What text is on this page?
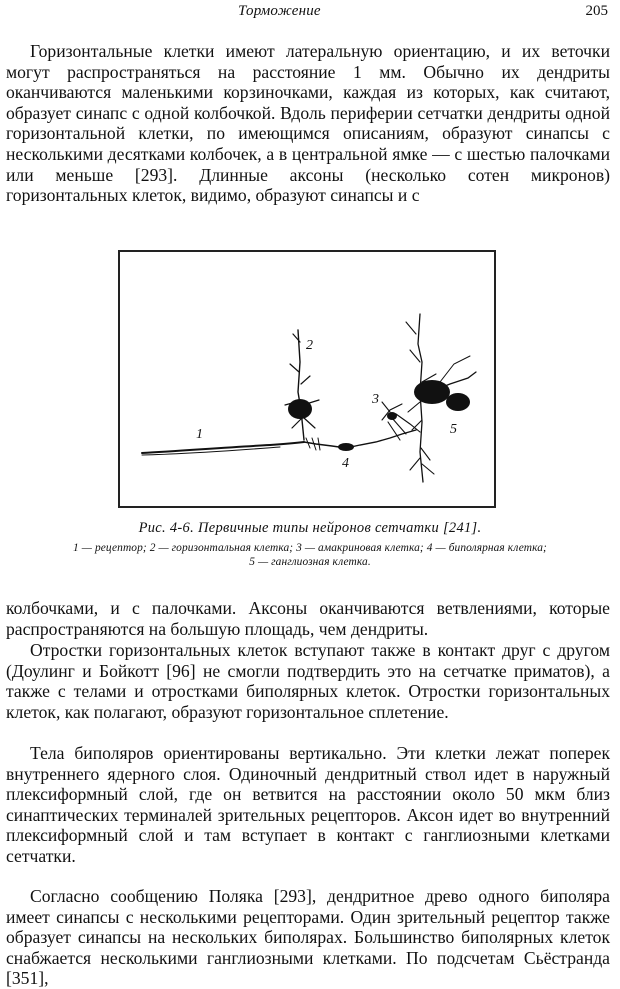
Торможение	205

Горизонтальные клетки имеют латеральную ориентацию, и их веточки могут распространяться на расстояние 1 мм. Обычно их дендриты оканчиваются маленькими корзиночками, каждая из которых, как считают, образует синапс с одной колбочкой. Вдоль периферии сетчатки дендриты одной горизонтальной клетки, по имеющимся описаниям, образуют синапсы с несколькими десятками колбочек, а в центральной ямке — с шестью палочками или меньше [293]. Длинные аксоны (несколько сотен микронов) горизонтальных клеток, видимо, образуют синапсы и с

1
2
3
4
5
Рис. 4-6. Первичные типы нейронов сетчатки [241].
1 — рецептор; 2 — горизонтальная клетка; 3 — амакриновая клетка; 4 — биполярная клетка;
5 — ганглиозная клетка.

колбочками, и с палочками. Аксоны оканчиваются ветвлениями, которые распространяются на большую площадь, чем дендриты.

Отростки горизонтальных клеток вступают также в контакт друг с другом (Доулинг и Бойкотт [96] не смогли подтвердить это на сетчатке приматов), а также с телами и отростками биполярных клеток. Отростки горизонтальных клеток, как полагают, образуют горизонтальное сплетение.

Тела биполяров ориентированы вертикально. Эти клетки лежат поперек внутреннего ядерного слоя. Одиночный дендритный ствол идет в наружный плексиформный слой, где он ветвится на расстоянии около 50 мкм близ синаптических терминалей зрительных рецепторов. Аксон идет во внутренний плексиформный слой и там вступает в контакт с ганглиозными клетками сетчатки.

Согласно сообщению Поляка [293], дендритное древо одного биполяра имеет синапсы с несколькими рецепторами. Один зрительный рецептор также образует синапсы на нескольких биполярах. Большинство биполярных клеток снабжается несколькими ганглиозными клетками. По подсчетам Сьёстранда [351],
